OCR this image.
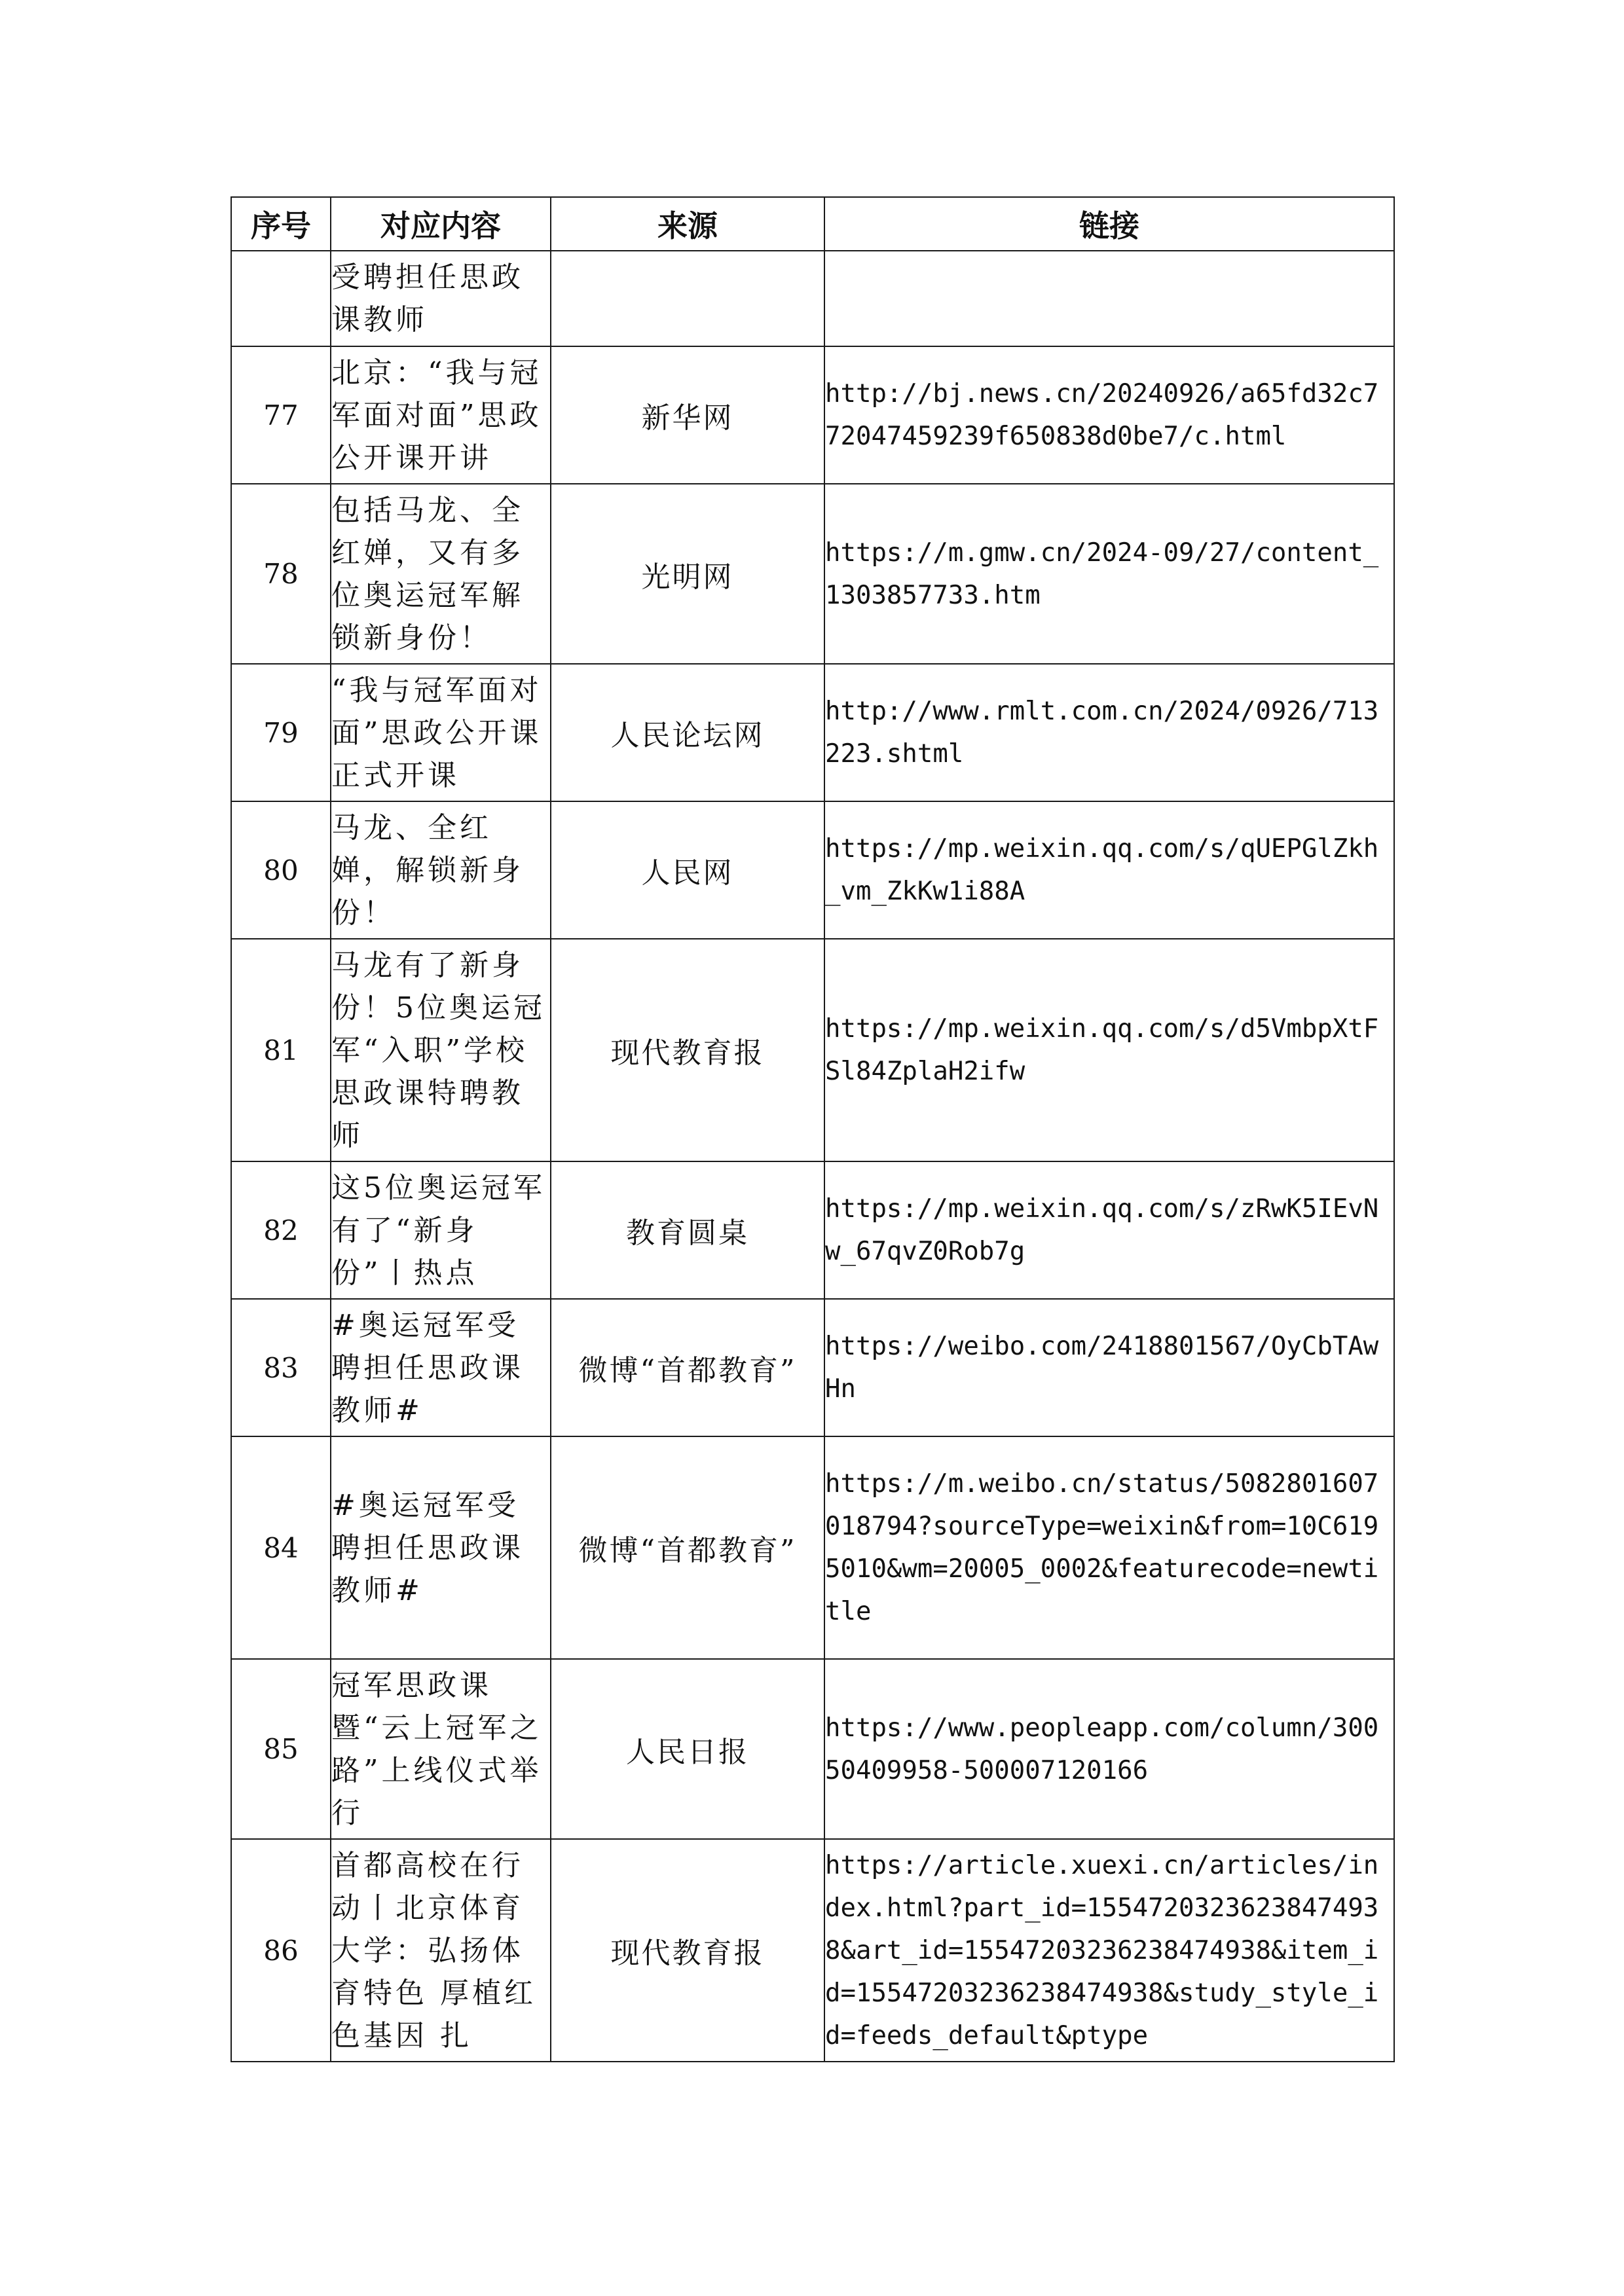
序号	对应内容	来源	链接
	受聘担任思政课教师		
77	北京：“我与冠军面对面”思政公开课开讲	新华网	http://bj.news.cn/20240926/a65fd32c772047459239f650838d0be7/c.html
78	包括马龙、全红婵，又有多位奥运冠军解锁新身份！	光明网	https://m.gmw.cn/2024-09/27/content_1303857733.htm
79	“我与冠军面对面”思政公开课正式开课	人民论坛网	http://www.rmlt.com.cn/2024/0926/713223.shtml
80	马龙、全红婵，解锁新身份！	人民网	https://mp.weixin.qq.com/s/qUEPGlZkh_vm_ZkKw1i88A
81	马龙有了新身份！5位奥运冠军“入职”学校思政课特聘教师	现代教育报	https://mp.weixin.qq.com/s/d5VmbpXtFSl84ZplaH2ifw
82	这5位奥运冠军有了“新身份”丨热点	教育圆桌	https://mp.weixin.qq.com/s/zRwK5IEvNw_67qvZ0Rob7g
83	#奥运冠军受聘担任思政课教师#	微博“首都教育”	https://weibo.com/2418801567/OyCbTAwHn
84	#奥运冠军受聘担任思政课教师#	微博“首都教育”	https://m.weibo.cn/status/5082801607018794?sourceType=weixin&from=10C6195010&wm=20005_0002&featurecode=newtitle
85	冠军思政课暨“云上冠军之路”上线仪式举行	人民日报	https://www.peopleapp.com/column/30050409958-500007120166
86	首都高校在行动丨北京体育大学：弘扬体育特色 厚植红色基因 扎	现代教育报	https://article.xuexi.cn/articles/index.html?part_id=15547203236238474938&art_id=15547203236238474938&item_id=15547203236238474938&study_style_id=feeds_default&ptype
